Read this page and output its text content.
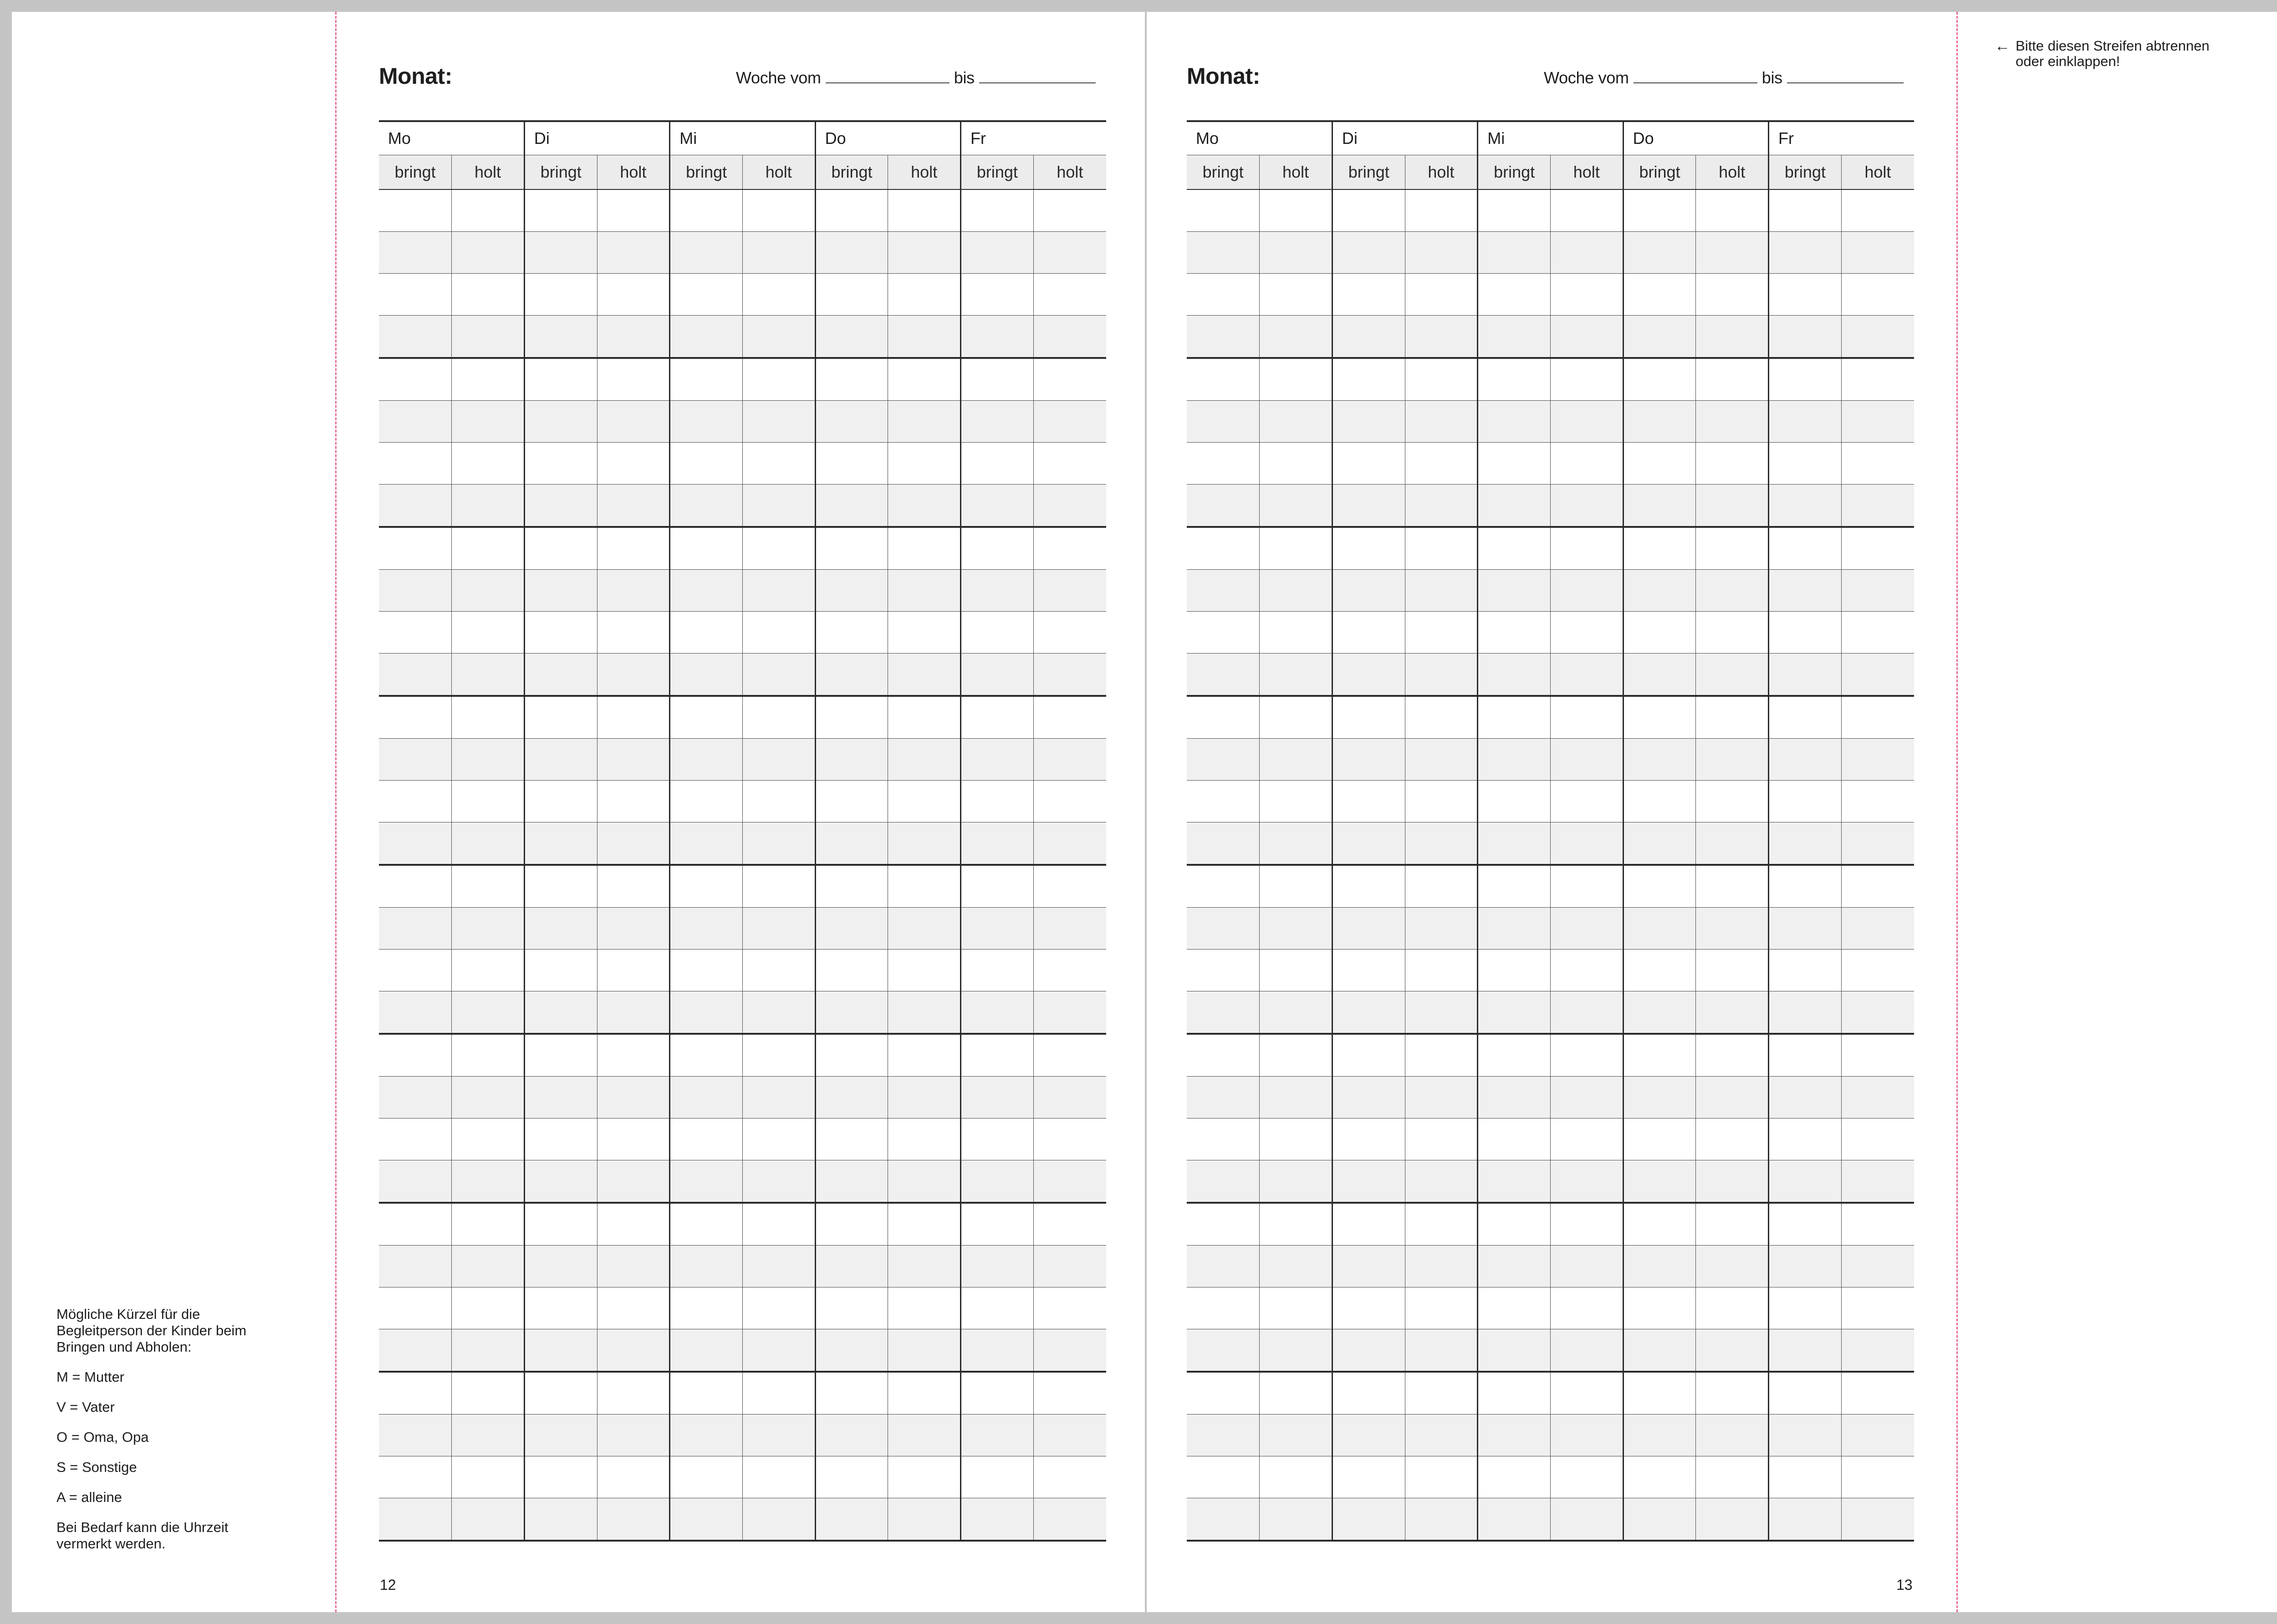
Monat:	Woche vom	bis
Mo		Di		Mi		Do		Fr	
bringt	holt	bringt	holt	bringt	holt	bringt	holt	bringt	holt

12
Monat:	Woche vom	bis
Mo		Di		Mi		Do		Fr	
bringt	holt	bringt	holt	bringt	holt	bringt	holt	bringt	holt

13

Mögliche Kürzel für die Begleitperson der Kinder beim Bringen und Abholen:

M = Mutter

V = Vater

O = Oma, Opa

S = Sonstige

A = alleine

Bei Bedarf kann die Uhrzeit vermerkt werden.

← Bitte diesen Streifen abtrennen
oder einklappen!
